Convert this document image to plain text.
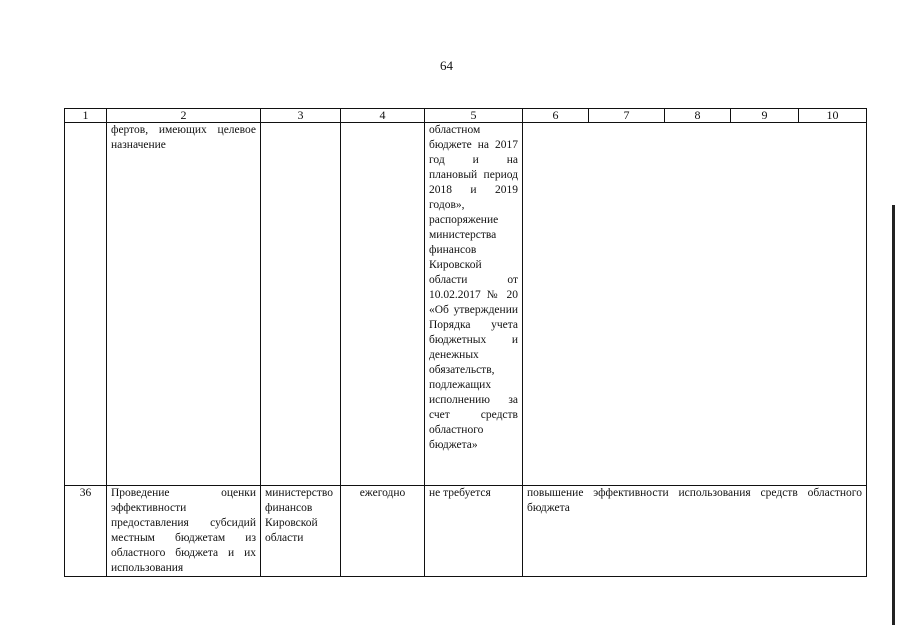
64
1	2	3	4	5	6	7	8	9	10
	фертов, имеющих целевое назначение			областном бюджете на 2017 год и на плановый период 2018 и 2019 годов», распоряжение министерства финансов Кировской области от 10.02.2017 № 20 «Об утверждении Порядка учета бюджетных и денежных обязательств, подлежащих исполнению за счет средств областного бюджета»					
36	Проведение оценки эффективности предоставления субсидий местным бюджетам из областного бюджета и их использования	министерство финансов Кировской области	ежегодно	не требуется	повышение эффективности использования средств областного бюджета				
